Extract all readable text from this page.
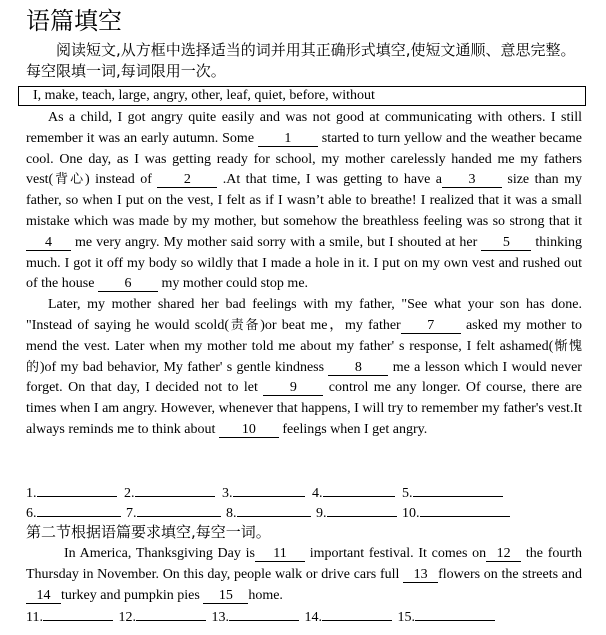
语篇填空
阅读短文,从方框中选择适当的词并用其正确形式填空,使短文通顺、意思完整。每空限填一词,每词限用一次。
I, make, teach, large, angry, other, leaf, quiet, before, without

As a child, I got angry quite easily and was not good at communicating with others. I still remember it was an early autumn. Some 1 started to turn yellow and the weather became cool. One day, as I was getting ready for school, my mother carelessly handed me my fathers vest(背心) instead of 2 .At that time, I was getting to have a 3 size than my father, so when I put on the vest, I felt as if I wasn’t able to breathe! I realized that it was a small mistake which was made by my mother, but somehow the breathless feeling was so strong that it 4 me very angry. My mother said sorry with a smile, but I shouted at her 5 thinking much. I got it off my body so wildly that I made a hole in it. I put on my own vest and rushed out of the house 6 my mother could stop me.

Later, my mother shared her bad feelings with my father, "See what your son has done. "Instead of saying he would scold(责备)or beat me，my father 7 asked my mother to mend the vest. Later when my mother told me about my father' s response, I felt ashamed(惭愧的)of my bad behavior, My father' s gentle kindness 8 me a lesson which I would never forget. On that day, I decided not to let 9 control me any longer. Of course, there are times when I am angry. However, whenever that happens, I will try to remember my father's vest.It always reminds me to think about 10 feelings when I get angry.

1.	2.	3.	4.	5.
6.	7.	8.	9.	10.
第二节根据语篇要求填空,每空一词。

In America, Thanksgiving Day is 11 important festival. It comes on 12 the fourth Thursday in November. On this day, people walk or drive cars full 13 flowers on the streets and14 turkey and pumpkin pies 15 home.

11.	12.	13.	14.	15.
